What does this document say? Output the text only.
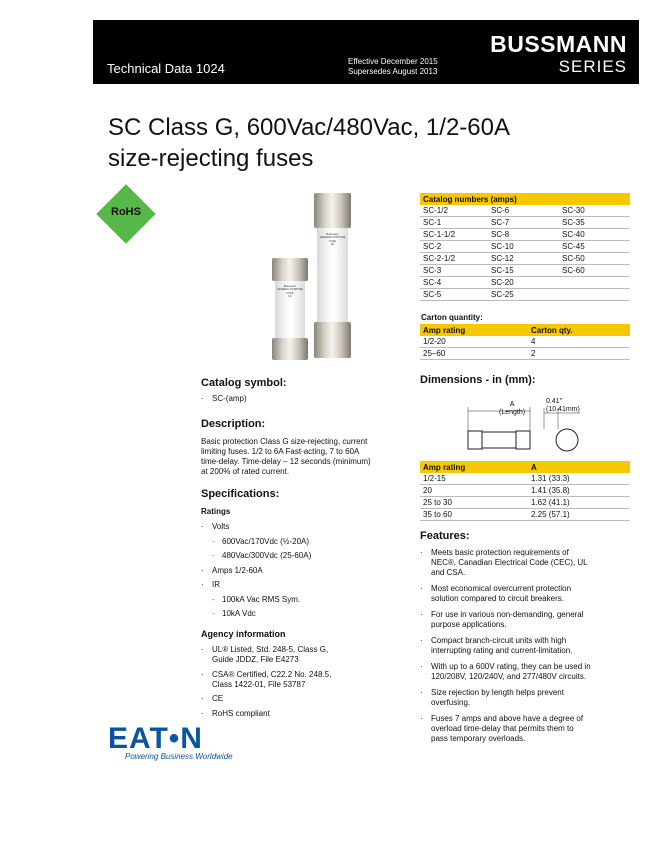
Technical Data 1024	Effective December 2015
Supersedes August 2013
BUSSMANN
SERIES
SC Class G, 600Vac/480Vac, 1/2-60A
size-rejecting fuses
RoHS
Bussmann
GENERAL PURPOSE
FUSE
SC
Bussmann
GENERAL PURPOSE
FUSE
SC
Catalog numbers (amps)		
SC-1/2	SC-6	SC-30
SC-1	SC-7	SC-35
SC-1-1/2	SC-8	SC-40
SC-2	SC-10	SC-45
SC-2-1/2	SC-12	SC-50
SC-3	SC-15	SC-60
SC-4	SC-20	
SC-5	SC-25	
Carton quantity:
Amp rating	Carton qty.
1/2-20	4
25–60	2
Catalog symbol:
· SC-(amp)
Description:
Basic protection Class G size-rejecting, current
limiting fuses. 1/2 to 6A Fast-acting, 7 to 60A
time-delay. Time-delay – 12 seconds (minimum)
at 200% of rated current.
Specifications:
Ratings
· Volts
- 600Vac/170Vdc (½-20A)
- 480Vac/300Vdc (25-60A)
· Amps 1/2-60A
· IR
- 100kA Vac RMS Sym.
- 10kA Vdc
Agency information
· UL® Listed, Std. 248-5, Class G,
Guide JDDZ, File E4273
· CSA® Certified, C22.2 No. 248.5,
Class 1422-01, File 53787
· CE
· RoHS compliant
Dimensions - in (mm):
A
(Length)
0.41"
(10.41mm)
Amp rating	A
1/2-15	1.31 (33.3)
20	1.41 (35.8)
25 to 30	1.62 (41.1)
35 to 60	2.25 (57.1)
Features:
· Meets basic protection requirements of
NEC®, Canadian Electrical Code (CEC), UL
and CSA.
· Most economical overcurrent protection
solution compared to circuit breakers.
· For use in various non-demanding, general
purpose applications.
· Compact branch-circuit units with high
interrupting rating and current-limitation.
· With up to a 600V rating, they can be used in
120/208V, 120/240V, and 277/480V circuits.
· Size rejection by length helps prevent
overfusing.
· Fuses 7 amps and above have a degree of
overload time-delay that permits them to
pass temporary overloads.
EAT•N
Powering Business Worldwide
